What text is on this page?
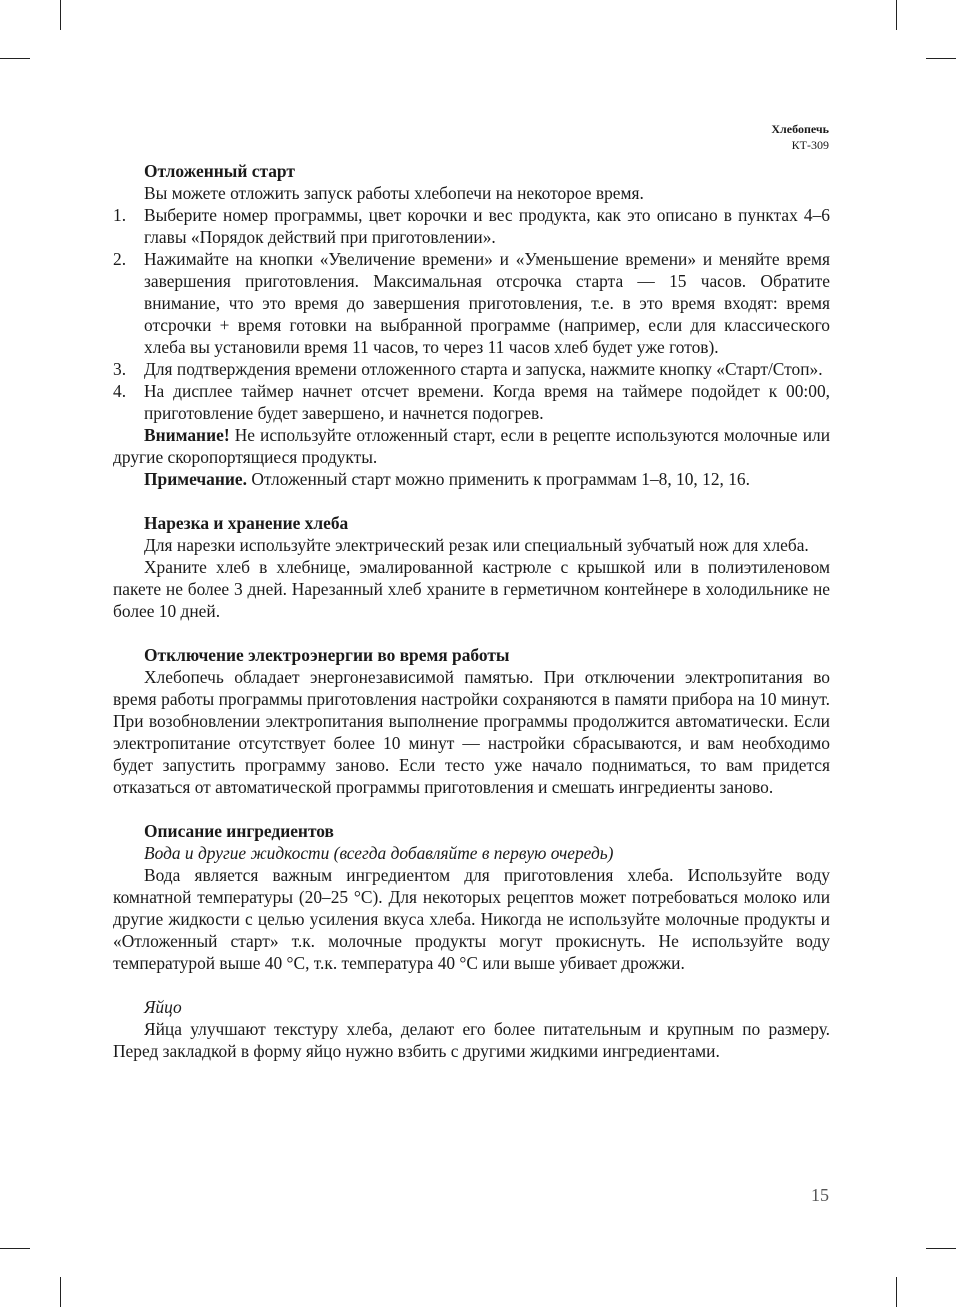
Хлебопечь
КТ-309

Отложенный старт

Вы можете отложить запуск работы хлебопечи на некоторое время.

1. Выберите номер программы, цвет корочки и вес продукта, как это описано в пунктах 4–6 главы «Порядок действий при приготовлении».
2. Нажимайте на кнопки «Увеличение времени» и «Уменьшение времени» и меняйте время завершения приготовления. Максимальная отсрочка старта — 15 часов. Обратите внимание, что это время до завершения приготовления, т.е. в это время входят: время отсрочки + время готовки на выбранной программе (например, если для классического хлеба вы установили время 11 часов, то через 11 часов хлеб будет уже готов).
3. Для подтверждения времени отложенного старта и запуска, нажмите кнопку «Старт/Стоп».
4. На дисплее таймер начнет отсчет времени. Когда время на таймере подойдет к 00:00, приготовление будет завершено, и начнется подогрев.

Внимание! Не используйте отложенный старт, если в рецепте используются молочные или другие скоропортящиеся продукты.

Примечание. Отложенный старт можно применить к программам 1–8, 10, 12, 16.

Нарезка и хранение хлеба

Для нарезки используйте электрический резак или специальный зубчатый нож для хлеба.

Храните хлеб в хлебнице, эмалированной кастрюле с крышкой или в полиэтиленовом пакете не более 3 дней. Нарезанный хлеб храните в герметичном контейнере в холодильнике не более 10 дней.

Отключение электроэнергии во время работы

Хлебопечь обладает энергонезависимой памятью. При отключении электропитания во время работы программы приготовления настройки сохраняются в памяти прибора на 10 минут. При возобновлении электропитания выполнение программы продолжится автоматически. Если электропитание отсутствует более 10 минут — настройки сбрасываются, и вам необходимо будет запустить программу заново. Если тесто уже начало подниматься, то вам придется отказаться от автоматической программы приготовления и смешать ингредиенты заново.

Описание ингредиентов

Вода и другие жидкости (всегда добавляйте в первую очередь)

Вода является важным ингредиентом для приготовления хлеба. Используйте воду комнатной температуры (20–25 °С). Для некоторых рецептов может потребоваться молоко или другие жидкости с целью усиления вкуса хлеба. Никогда не используйте молочные продукты и «Отложенный старт» т.к. молочные продукты могут прокиснуть. Не используйте воду температурой выше 40 °С, т.к. температура 40 °С или выше убивает дрожжи.

Яйцо

Яйца улучшают текстуру хлеба, делают его более питательным и крупным по размеру. Перед закладкой в форму яйцо нужно взбить с другими жидкими ингредиентами.

15
